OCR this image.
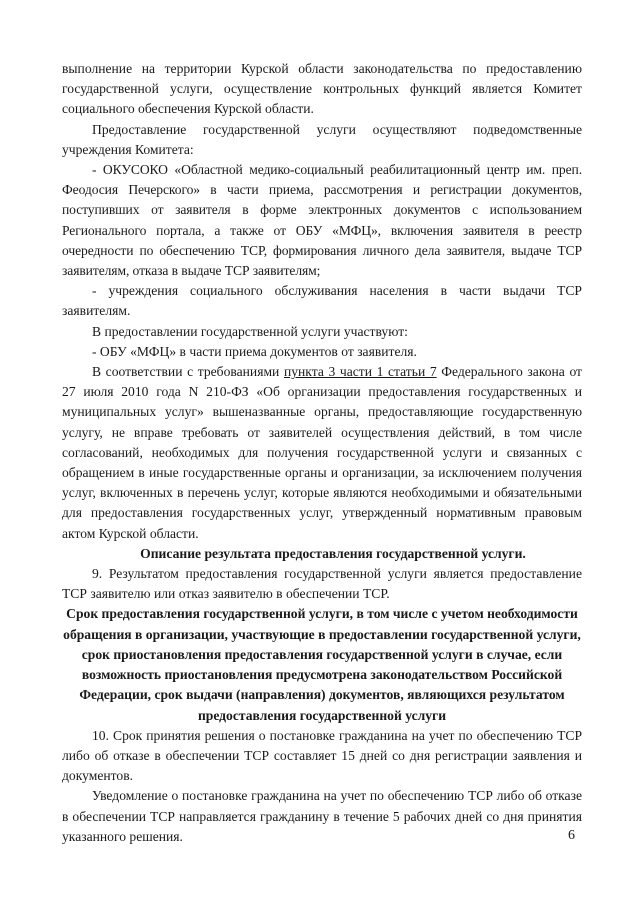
выполнение на территории Курской области законодательства по предоставлению государственной услуги, осуществление контрольных функций является Комитет социального обеспечения Курской области.

Предоставление государственной услуги осуществляют подведомственные учреждения Комитета:

- ОКУСОКО «Областной медико-социальный реабилитационный центр им. преп. Феодосия Печерского» в части приема, рассмотрения и регистрации документов, поступивших от заявителя в форме электронных документов с использованием Регионального портала, а также от ОБУ «МФЦ», включения заявителя в реестр очередности по обеспечению ТСР, формирования личного дела заявителя, выдаче ТСР заявителям, отказа в выдаче ТСР заявителям;

- учреждения социального обслуживания населения в части выдачи ТСР заявителям.

В предоставлении государственной услуги участвуют:

- ОБУ «МФЦ» в части приема документов от заявителя.

В соответствии с требованиями пункта 3 части 1 статьи 7 Федерального закона от 27 июля 2010 года N 210-ФЗ «Об организации предоставления государственных и муниципальных услуг» вышеназванные органы, предоставляющие государственную услугу, не вправе требовать от заявителей осуществления действий, в том числе согласований, необходимых для получения государственной услуги и связанных с обращением в иные государственные органы и организации, за исключением получения услуг, включенных в перечень услуг, которые являются необходимыми и обязательными для предоставления государственных услуг, утвержденный нормативным правовым актом Курской области.

Описание результата предоставления государственной услуги.

9. Результатом предоставления государственной услуги является предоставление ТСР заявителю или отказ заявителю в обеспечении ТСР.

Срок предоставления государственной услуги, в том числе с учетом необходимости обращения в организации, участвующие в предоставлении государственной услуги, срок приостановления предоставления государственной услуги в случае, если возможность приостановления предусмотрена законодательством Российской Федерации, срок выдачи (направления) документов, являющихся результатом предоставления государственной услуги

10. Срок принятия решения о постановке гражданина на учет по обеспечению ТСР либо об отказе в обеспечении ТСР составляет 15 дней со дня регистрации заявления и документов.

Уведомление о постановке гражданина на учет по обеспечению ТСР либо об отказе в обеспечении ТСР направляется гражданину в течение 5 рабочих дней со дня принятия указанного решения.	6
